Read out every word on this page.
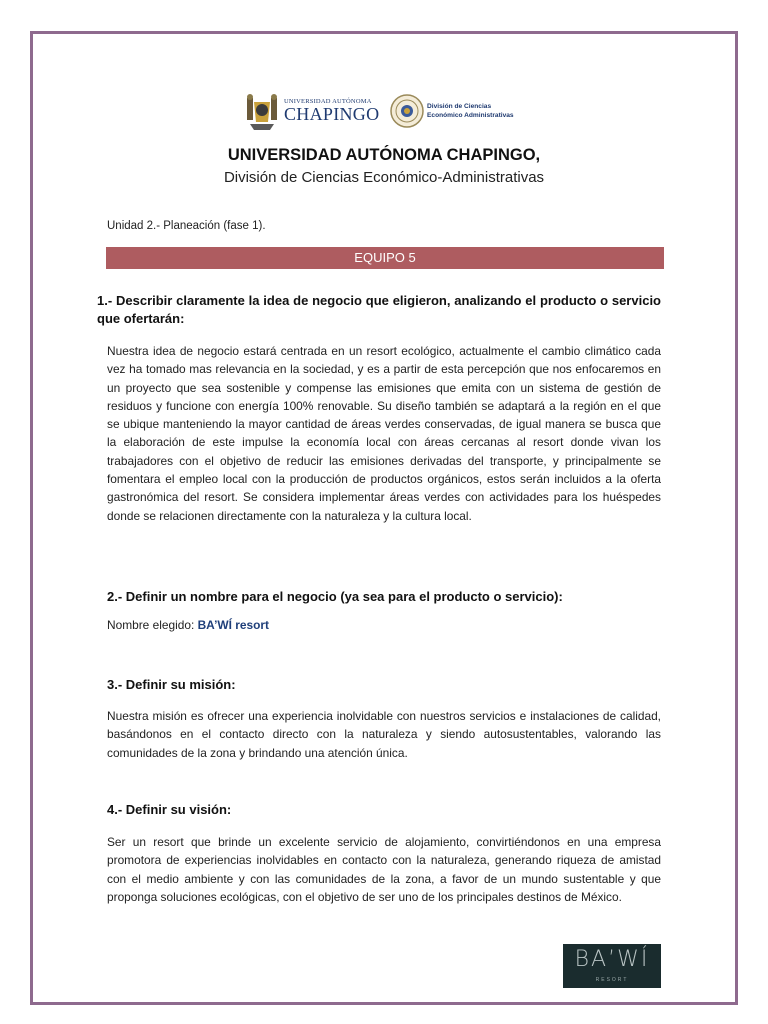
UNIVERSIDAD AUTÓNOMA
CHAPINGO	División de Ciencias
Económico Administrativas
UNIVERSIDAD AUTÓNOMA CHAPINGO,
División de Ciencias Económico-Administrativas
Unidad 2.- Planeación (fase 1).
EQUIPO 5
1.- Describir claramente la idea de negocio que eligieron, analizando el producto o servicio que ofertarán:
Nuestra idea de negocio estará centrada en un resort ecológico, actualmente el cambio climático cada vez ha tomado mas relevancia en la sociedad, y es a partir de esta percepción que nos enfocaremos en un proyecto que sea sostenible y compense las emisiones que emita con un sistema de gestión de residuos y funcione con energía 100% renovable. Su diseño también se adaptará a la región en el que se ubique manteniendo la mayor cantidad de áreas verdes conservadas, de igual manera se busca que la elaboración de este impulse la economía local con áreas cercanas al resort donde vivan los trabajadores con el objetivo de reducir las emisiones derivadas del transporte, y principalmente se fomentara el empleo local con la producción de productos orgánicos, estos serán incluidos a la oferta gastronómica del resort. Se considera implementar áreas verdes con actividades para los huéspedes donde se relacionen directamente con la naturaleza y la cultura local.
2.- Definir un nombre para el negocio (ya sea para el producto o servicio):
Nombre elegido: BA’WÍ resort
3.- Definir su misión:
Nuestra misión es ofrecer una experiencia inolvidable con nuestros servicios e instalaciones de calidad, basándonos en el contacto directo con la naturaleza y siendo autosustentables, valorando las comunidades de la zona y brindando una atención única.
4.- Definir su visión:
Ser un resort que brinde un excelente servicio de alojamiento, convirtiéndonos en una empresa promotora de experiencias inolvidables en contacto con la naturaleza, generando riqueza de amistad con el medio ambiente y con las comunidades de la zona, a favor de un mundo sustentable y que proponga soluciones ecológicas, con el objetivo de ser uno de los principales destinos de México.
BA’WÍ
RESORT
